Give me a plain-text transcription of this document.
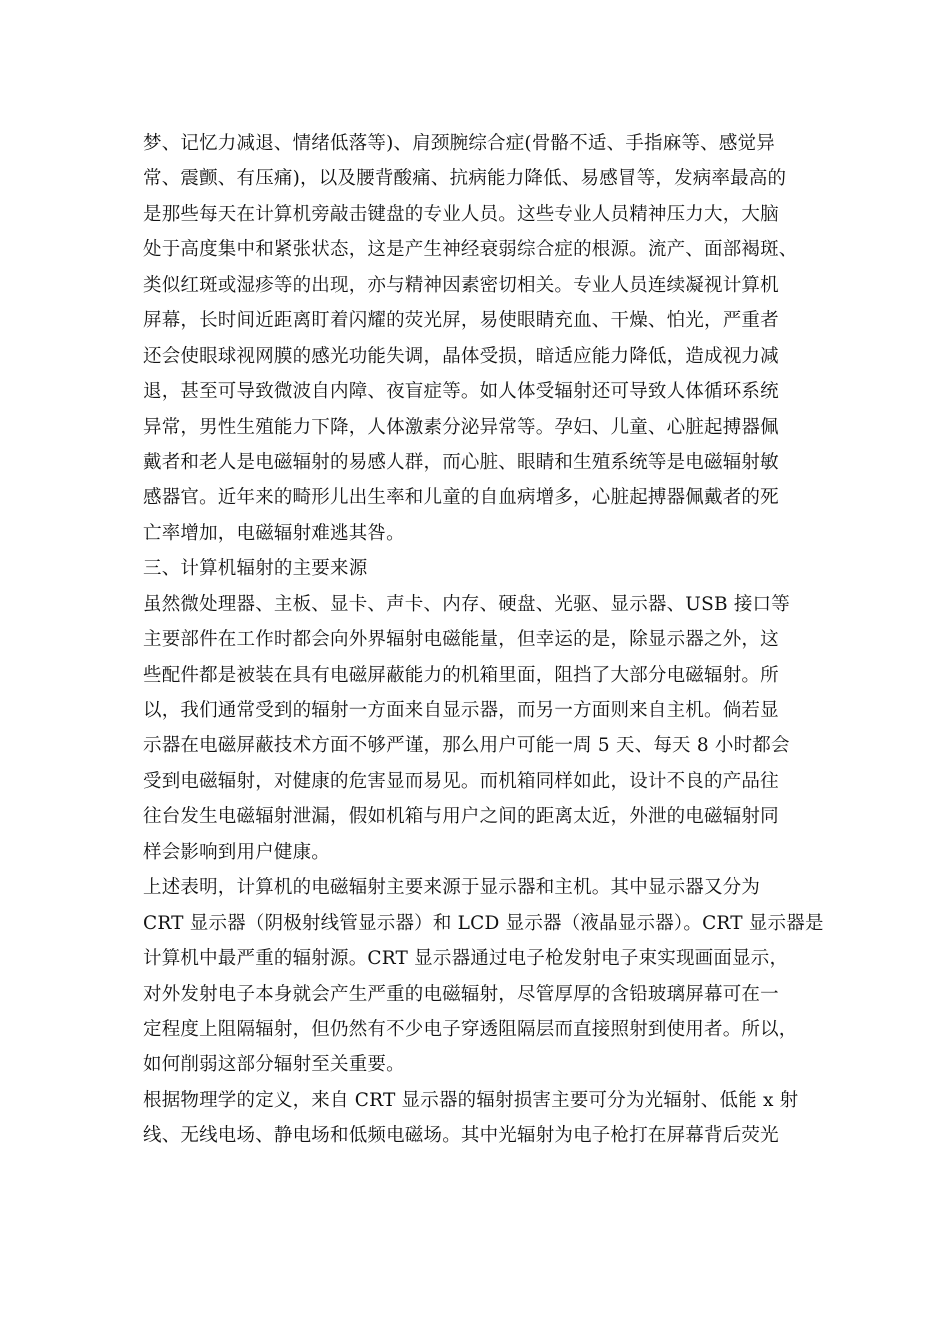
梦、记忆力减退、情绪低落等)、肩颈腕综合症(骨骼不适、手指麻等、感觉异
常、震颤、有压痛)，以及腰背酸痛、抗病能力降低、易感冒等，发病率最高的
是那些每天在计算机旁敲击键盘的专业人员。这些专业人员精神压力大，大脑
处于高度集中和紧张状态，这是产生神经衰弱综合症的根源。流产、面部褐斑、
类似红斑或湿疹等的出现，亦与精神因素密切相关。专业人员连续凝视计算机
屏幕，长时间近距离盯着闪耀的荧光屏，易使眼睛充血、干燥、怕光，严重者
还会使眼球视网膜的感光功能失调，晶体受损，暗适应能力降低，造成视力减
退，甚至可导致微波自内障、夜盲症等。如人体受辐射还可导致人体循环系统
异常，男性生殖能力下降，人体激素分泌异常等。孕妇、儿童、心脏起搏器佩
戴者和老人是电磁辐射的易感人群，而心脏、眼睛和生殖系统等是电磁辐射敏
感器官。近年来的畸形儿出生率和儿童的自血病增多，心脏起搏器佩戴者的死
亡率增加，电磁辐射难逃其咎。
三、计算机辐射的主要来源
虽然微处理器、主板、显卡、声卡、内存、硬盘、光驱、显示器、USB 接口等
主要部件在工作时都会向外界辐射电磁能量，但幸运的是，除显示器之外，这
些配件都是被装在具有电磁屏蔽能力的机箱里面，阻挡了大部分电磁辐射。所
以，我们通常受到的辐射一方面来自显示器，而另一方面则来自主机。倘若显
示器在电磁屏蔽技术方面不够严谨，那么用户可能一周 5 天、每天 8 小时都会
受到电磁辐射，对健康的危害显而易见。而机箱同样如此，设计不良的产品往
往台发生电磁辐射泄漏，假如机箱与用户之间的距离太近，外泄的电磁辐射同
样会影响到用户健康。
上述表明，计算机的电磁辐射主要来源于显示器和主机。其中显示器又分为
CRT 显示器（阴极射线管显示器）和 LCD 显示器（液晶显示器）。CRT 显示器是
计算机中最严重的辐射源。CRT 显示器通过电子枪发射电子束实现画面显示，
对外发射电子本身就会产生严重的电磁辐射，尽管厚厚的含铅玻璃屏幕可在一
定程度上阻隔辐射，但仍然有不少电子穿透阻隔层而直接照射到使用者。所以，
如何削弱这部分辐射至关重要。
根据物理学的定义，来自 CRT 显示器的辐射损害主要可分为光辐射、低能 x 射
线、无线电场、静电场和低频电磁场。其中光辐射为电子枪打在屏幕背后荧光
